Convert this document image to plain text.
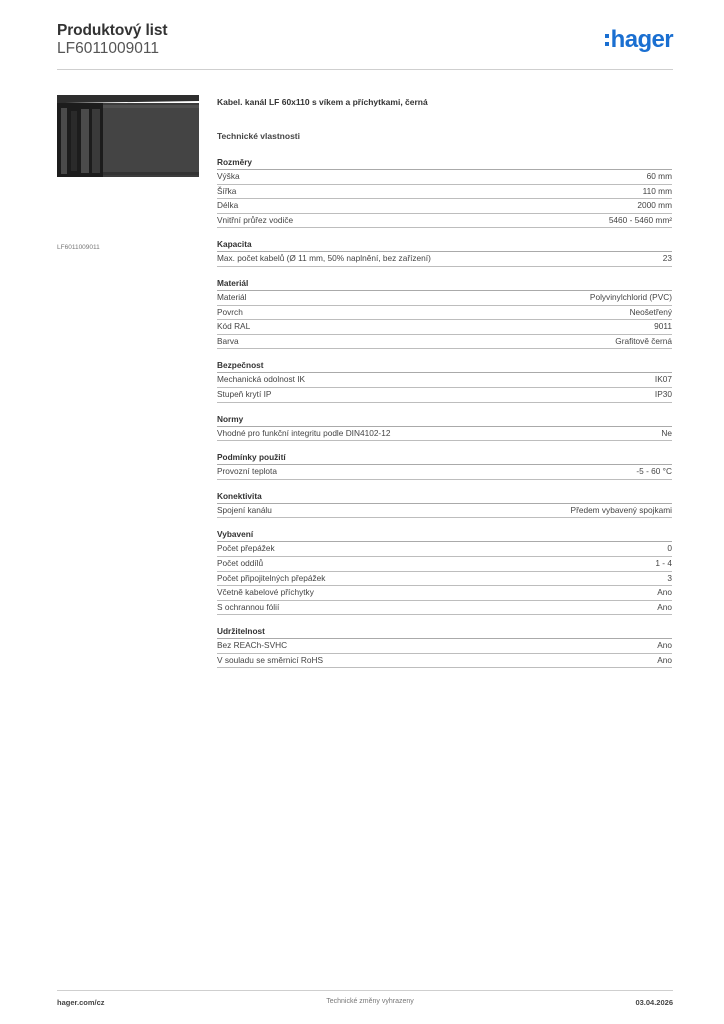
Produktový list
LF6011009011	hager
LF6011009011
Kabel. kanál LF 60x110 s víkem a příchytkami, černá
Technické vlastnosti
Rozměry
Výška	60 mm
Šířka	110 mm
Délka	2000 mm
Vnitřní průřez vodiče	5460 - 5460 mm²
Kapacita
Max. počet kabelů (Ø 11 mm, 50% naplnění, bez zařízení)	23
Materiál
Materiál	Polyvinylchlorid (PVC)
Povrch	Neošetřený
Kód RAL	9011
Barva	Grafitově černá
Bezpečnost
Mechanická odolnost IK	IK07
Stupeň krytí IP	IP30
Normy
Vhodné pro funkční integritu podle DIN4102-12	Ne
Podmínky použití
Provozní teplota	-5 - 60 °C
Konektivita
Spojení kanálu	Předem vybavený spojkami
Vybavení
Počet přepážek	0
Počet oddílů	1 - 4
Počet připojitelných přepážek	3
Včetně kabelové příchytky	Ano
S ochrannou fólií	Ano
Udržitelnost
Bez REACh-SVHC	Ano
V souladu se směrnicí RoHS	Ano
hager.com/cz	Technické změny vyhrazeny	03.04.2026
